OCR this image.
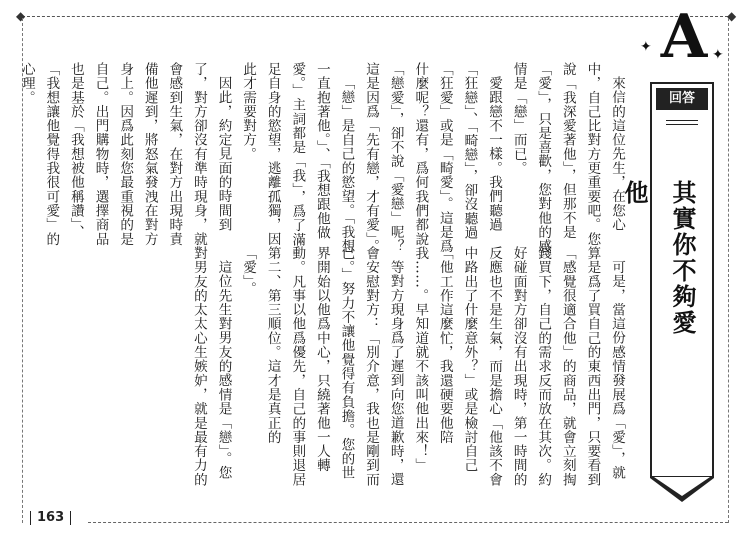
◆	◆
163
A
✦	✦
回答
其實你不夠愛他

來信的這位先生，在您心中，自己比對方更重要吧。您說「我深愛著他」，但那不是「愛」，只是喜歡，您對他的感情是「戀」而已。

愛跟戀不一樣。我們聽過「狂戀」、「畸戀」，卻沒聽過「狂愛」或是「畸愛」。這是爲什麼呢？還有，爲何我們都說「戀愛」，卻不說「愛戀」呢？這是因爲「先有戀，才有愛」。

「戀」是自己的慾望。「我想一直抱著他。」、「我想跟他做愛。」主詞都是「我」，爲了滿足自身的慾望，逃離孤獨，因此才需要對方。

因此，約定見面的時間到了，對方卻沒有準時現身，就會感到生氣，在對方出現時責備他遲到，將怒氣發洩在對方身上。因爲此刻您最重視的是自己。出門購物時，選擇商品也是基於「我想被他稱讚」、「我想讓他覺得我很可愛」的心理。

可是，當這份感情發展爲「愛」，就算是爲了買自己的東西出門，只要看到「感覺很適合他」的商品，就會立刻掏錢買下，自己的需求反而放在其次。約好碰面對方卻沒有出現時，第一時間的反應也不是生氣，而是擔心「他該不會中路出了什麼意外？」或是檢討自己「他工作這麼忙，我還硬要他陪我……。早知道就不該叫他出來！」

等對方現身爲了遲到向您道歉時，還會安慰對方：「別介意，我也是剛到而已。」努力不讓他覺得有負擔。您的世界開始以他爲中心，只繞著他一人轉動。凡事以他爲優先，自己的事則退居第二、第三順位。這才是真正的「愛」。

這位先生對男友的感情是「戀」。您對男友的太太心生嫉妒，就是最有力的
